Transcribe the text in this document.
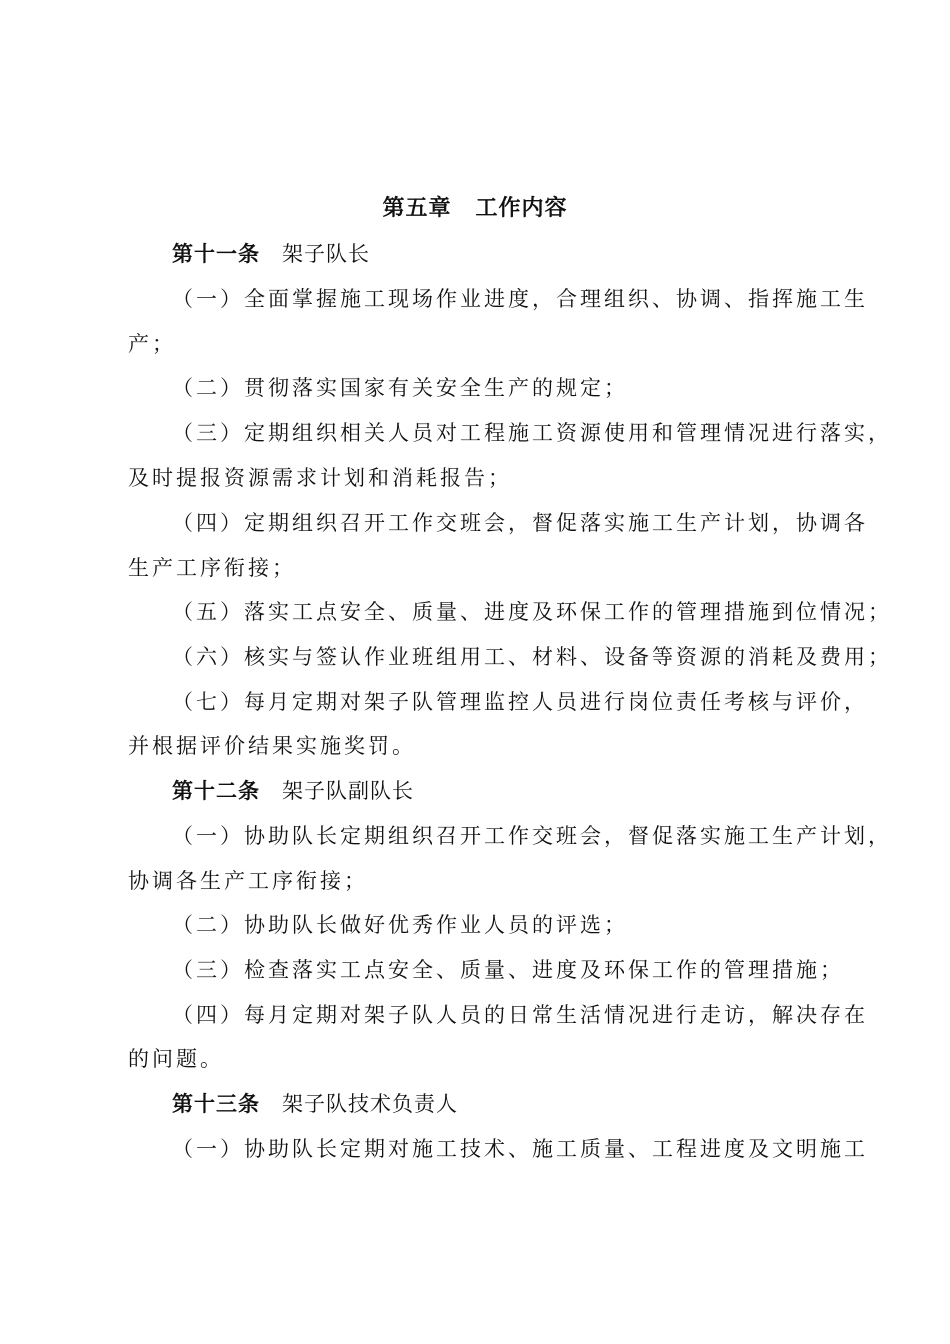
第五章 工作内容
第十一条 架子队长
（一）全面掌握施工现场作业进度，合理组织、协调、指挥施工生
产；
（二）贯彻落实国家有关安全生产的规定；
（三）定期组织相关人员对工程施工资源使用和管理情况进行落实，
及时提报资源需求计划和消耗报告；
（四）定期组织召开工作交班会，督促落实施工生产计划，协调各
生产工序衔接；
（五）落实工点安全、质量、进度及环保工作的管理措施到位情况；
（六）核实与签认作业班组用工、材料、设备等资源的消耗及费用；
（七）每月定期对架子队管理监控人员进行岗位责任考核与评价，
并根据评价结果实施奖罚。
第十二条 架子队副队长
（一）协助队长定期组织召开工作交班会，督促落实施工生产计划，
协调各生产工序衔接；
（二）协助队长做好优秀作业人员的评选；
（三）检查落实工点安全、质量、进度及环保工作的管理措施；
（四）每月定期对架子队人员的日常生活情况进行走访，解决存在
的问题。
第十三条 架子队技术负责人
（一）协助队长定期对施工技术、施工质量、工程进度及文明施工
